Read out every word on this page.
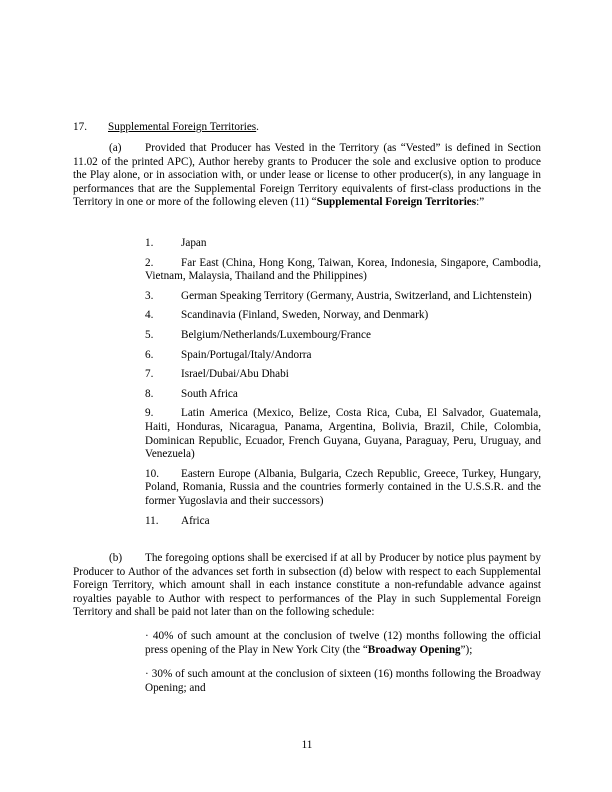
17. Supplemental Foreign Territories.

(a) Provided that Producer has Vested in the Territory (as “Vested” is defined in Section 11.02 of the printed APC), Author hereby grants to Producer the sole and exclusive option to produce the Play alone, or in association with, or under lease or license to other producer(s), in any language in performances that are the Supplemental Foreign Territory equivalents of first-class productions in the Territory in one or more of the following eleven (11) “Supplemental Foreign Territories:”

1. Japan
2. Far East (China, Hong Kong, Taiwan, Korea, Indonesia, Singapore, Cambodia, Vietnam, Malaysia, Thailand and the Philippines)
3. German Speaking Territory (Germany, Austria, Switzerland, and Lichtenstein)
4. Scandinavia (Finland, Sweden, Norway, and Denmark)
5. Belgium/Netherlands/Luxembourg/France
6. Spain/Portugal/Italy/Andorra
7. Israel/Dubai/Abu Dhabi
8. South Africa
9. Latin America (Mexico, Belize, Costa Rica, Cuba, El Salvador, Guatemala, Haiti, Honduras, Nicaragua, Panama, Argentina, Bolivia, Brazil, Chile, Colombia, Dominican Republic, Ecuador, French Guyana, Guyana, Paraguay, Peru, Uruguay, and Venezuela)
10. Eastern Europe (Albania, Bulgaria, Czech Republic, Greece, Turkey, Hungary, Poland, Romania, Russia and the countries formerly contained in the U.S.S.R. and the former Yugoslavia and their successors)
11. Africa

(b) The foregoing options shall be exercised if at all by Producer by notice plus payment by Producer to Author of the advances set forth in subsection (d) below with respect to each Supplemental Foreign Territory, which amount shall in each instance constitute a non-refundable advance against royalties payable to Author with respect to performances of the Play in such Supplemental Foreign Territory and shall be paid not later than on the following schedule:

· 40% of such amount at the conclusion of twelve (12) months following the official press opening of the Play in New York City (the “Broadway Opening”);
· 30% of such amount at the conclusion of sixteen (16) months following the Broadway Opening; and
11
